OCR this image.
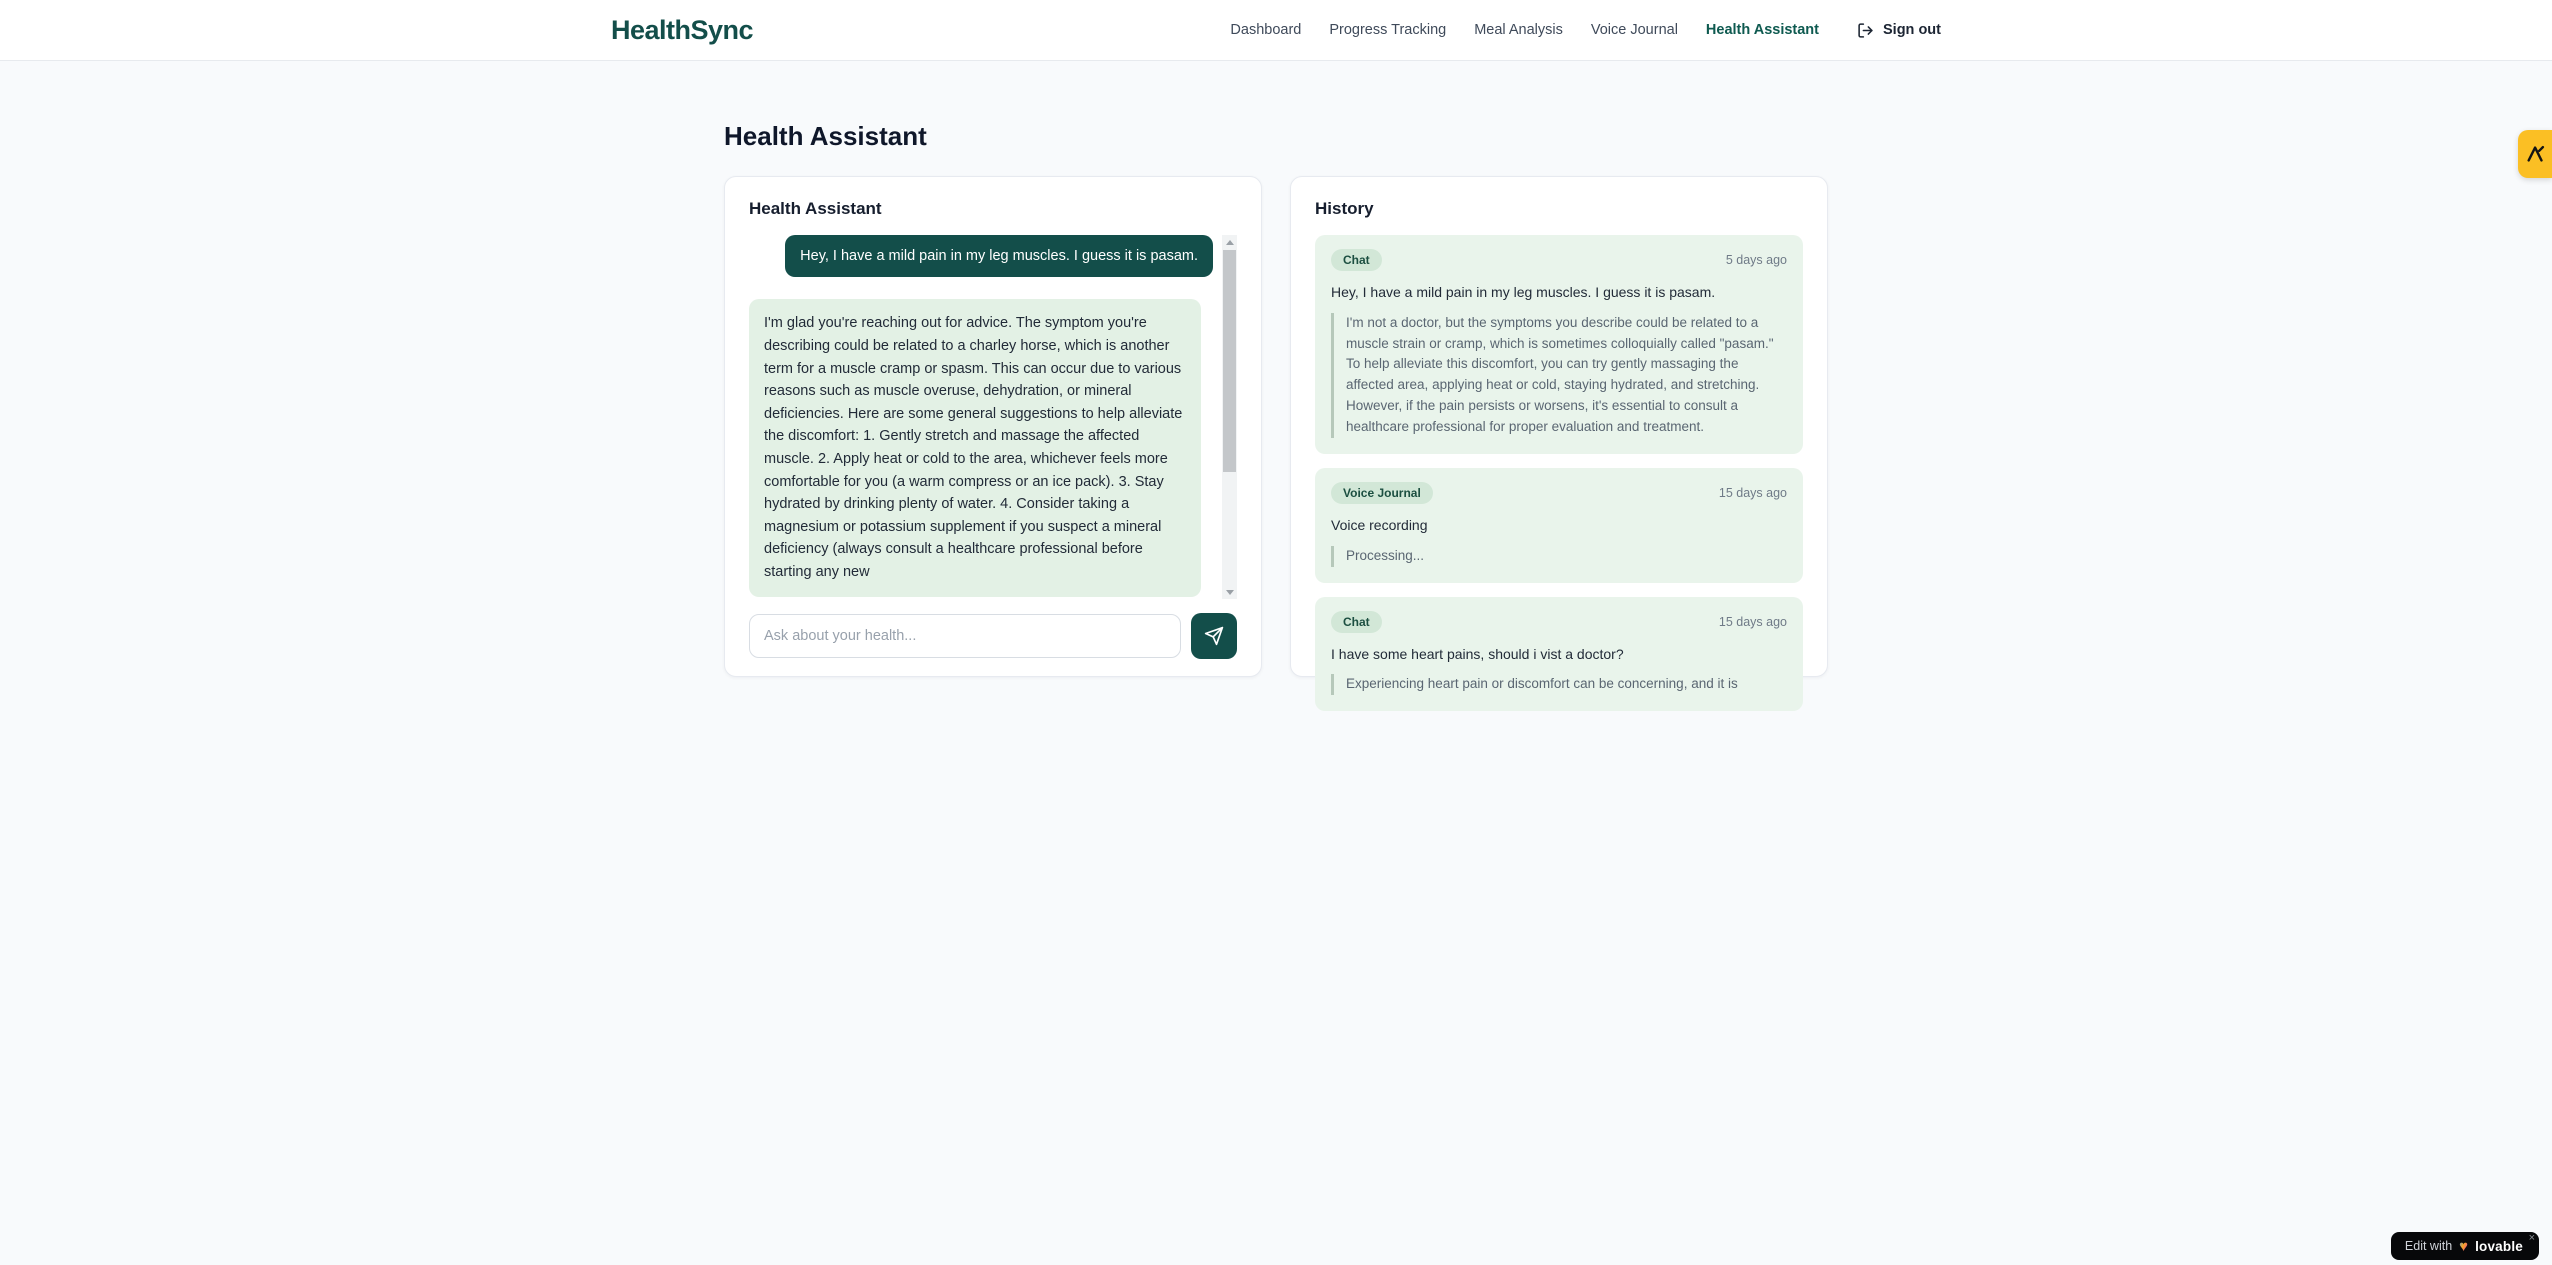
HealthSync	Dashboard Progress Tracking Meal Analysis Voice Journal Health Assistant	Sign out
Health Assistant
Health Assistant
Hey, I have a mild pain in my leg muscles. I guess it is pasam.
I'm glad you're reaching out for advice. The symptom you're describing could be related to a charley horse, which is another term for a muscle cramp or spasm. This can occur due to various reasons such as muscle overuse, dehydration, or mineral deficiencies. Here are some general suggestions to help alleviate the discomfort: 1. Gently stretch and massage the affected muscle. 2. Apply heat or cold to the area, whichever feels more comfortable for you (a warm compress or an ice pack). 3. Stay hydrated by drinking plenty of water. 4. Consider taking a magnesium or potassium supplement if you suspect a mineral deficiency (always consult a healthcare professional before starting any new
Ask about your health...
History
Chat	5 days ago
Hey, I have a mild pain in my leg muscles. I guess it is pasam.
I'm not a doctor, but the symptoms you describe could be related to a muscle strain or cramp, which is sometimes colloquially called "pasam." To help alleviate this discomfort, you can try gently massaging the affected area, applying heat or cold, staying hydrated, and stretching. However, if the pain persists or worsens, it's essential to consult a healthcare professional for proper evaluation and treatment.
Voice Journal	15 days ago
Voice recording
Processing...
Chat	15 days ago
I have some heart pains, should i vist a doctor?
Experiencing heart pain or discomfort can be concerning, and it is
Edit with ♥ lovable
×
